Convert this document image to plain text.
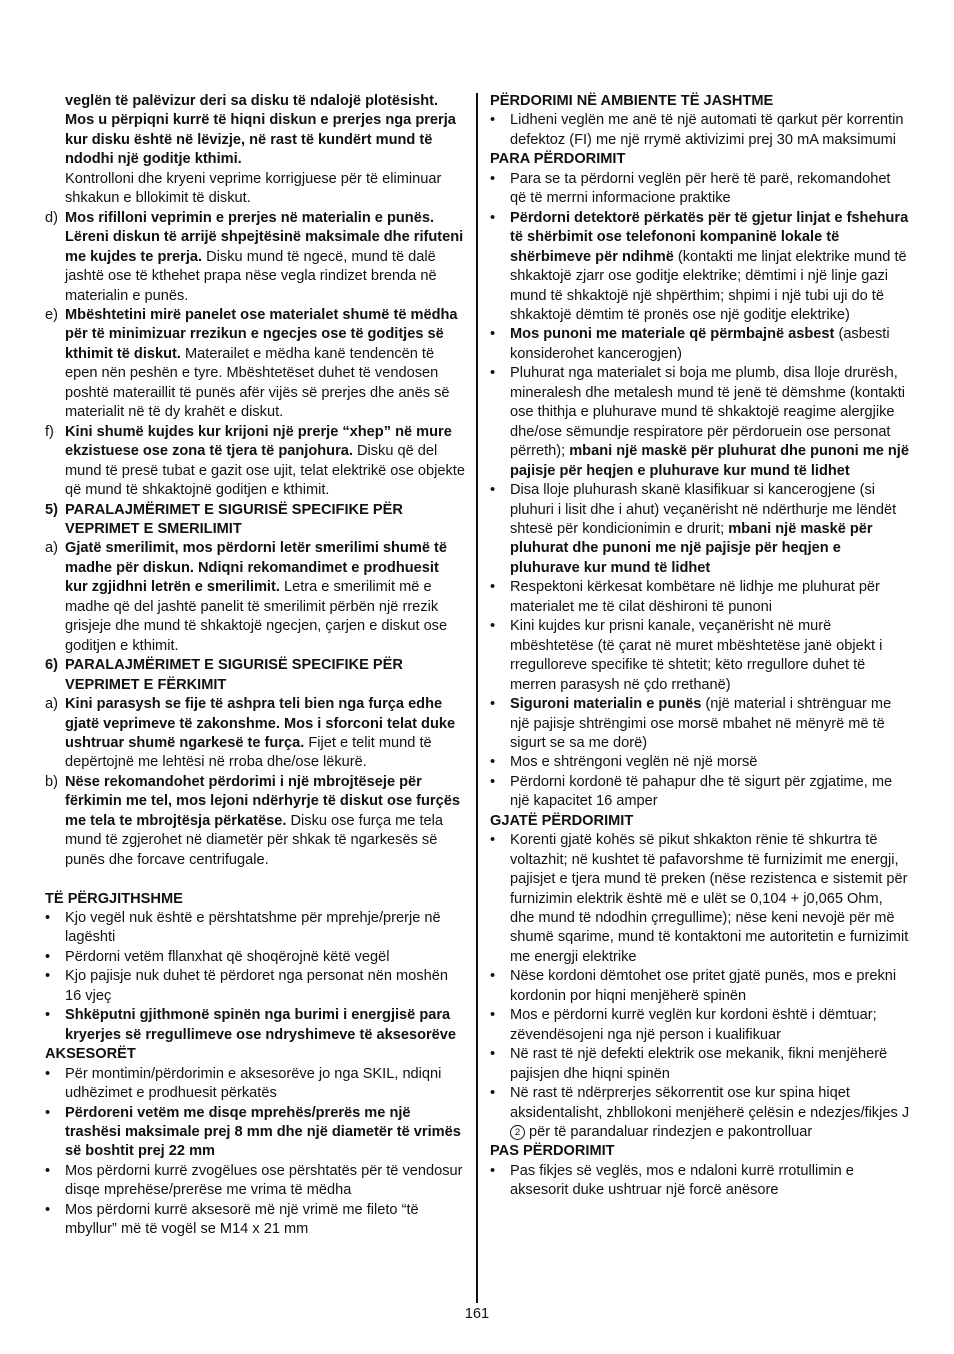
veglën të palëvizur deri sa disku të ndalojë plotësisht. Mos u përpiqni kurrë të hiqni diskun e prerjes nga prerja kur disku është në lëvizje, në rast të kundërt mund të ndodhi një goditje kthimi.
Kontrolloni dhe kryeni veprime korrigjuese për të eliminuar shkakun e bllokimit të diskut.
d) Mos rifilloni veprimin e prerjes në materialin e punës. Lëreni diskun të arrijë shpejtësinë maksimale dhe rifuteni me kujdes te prerja. Disku mund të ngecë, mund të dalë jashtë ose të kthehet prapa nëse vegla rindizet brenda në materialin e punës.
e) Mbështetini mirë panelet ose materialet shumë të mëdha për të minimizuar rrezikun e ngecjes ose të goditjes së kthimit të diskut. Materailet e mëdha kanë tendencën të epen nën peshën e tyre. Mbështetëset duhet të vendosen poshtë materaillit të punës afër vijës së prerjes dhe anës së materialit në të dy krahët e diskut.
f) Kini shumë kujdes kur krijoni një prerje “xhep” në mure ekzistuese ose zona të tjera të panjohura. Disku që del mund të presë tubat e gazit ose ujit, telat elektrikë ose objekte që mund të shkaktojnë goditjen e kthimit.
5) PARALAJMËRIMET E SIGURISË SPECIFIKE PËR VEPRIMET E SMERILIMIT
a) Gjatë smerilimit, mos përdorni letër smerilimi shumë të madhe për diskun. Ndiqni rekomandimet e prodhuesit kur zgjidhni letrën e smerilimit. Letra e smerilimit më e madhe që del jashtë panelit të smerilimit përbën një rrezik grisjeje dhe mund të shkaktojë ngecjen, çarjen e diskut ose goditjen e kthimit.
6) PARALAJMËRIMET E SIGURISË SPECIFIKE PËR VEPRIMET E FËRKIMIT
a) Kini parasysh se fije të ashpra teli bien nga furça edhe gjatë veprimeve të zakonshme. Mos i sforconi telat duke ushtruar shumë ngarkesë te furça. Fijet e telit mund të depërtojnë me lehtësi në rroba dhe/ose lëkurë.
b) Nëse rekomandohet përdorimi i një mbrojtëseje për fërkimin me tel, mos lejoni ndërhyrje të diskut ose furçës me tela te mbrojtësja përkatëse. Disku ose furça me tela mund të zgjerohet në diametër për shkak të ngarkesës së punës dhe forcave centrifugale.
TË PËRGJITHSHME
• Kjo vegël nuk është e përshtatshme për mprehje/prerje në lagështi
• Përdorni vetëm fllanxhat që shoqërojnë këtë vegël
• Kjo pajisje nuk duhet të përdoret nga personat nën moshën 16 vjeç
• Shkëputni gjithmonë spinën nga burimi i energjisë para kryerjes së rregullimeve ose ndryshimeve të aksesorëve
AKSESORËT
• Për montimin/përdorimin e aksesorëve jo nga SKIL, ndiqni udhëzimet e prodhuesit përkatës
• Përdoreni vetëm me disqe mprehës/prerës me një trashësi maksimale prej 8 mm dhe një diametër të vrimës së boshtit prej 22 mm
• Mos përdorni kurrë zvogëlues ose përshtatës për të vendosur disqe mprehëse/prerëse me vrima të mëdha
• Mos përdorni kurrë aksesorë më një vrimë me fileto “të mbyllur” më të vogël se M14 x 21 mm
PËRDORIMI NË AMBIENTE TË JASHTME
• Lidheni veglën me anë të një automati të qarkut për korrentin defektoz (FI) me një rrymë aktivizimi prej 30 mA maksimumi
PARA PËRDORIMIT
• Para se ta përdorni veglën për herë të parë, rekomandohet që të merrni informacione praktike
• Përdorni detektorë përkatës për të gjetur linjat e fshehura të shërbimit ose telefononi kompaninë lokale të shërbimeve për ndihmë (kontakti me linjat elektrike mund të shkaktojë zjarr ose goditje elektrike; dëmtimi i një linje gazi mund të shkaktojë një shpërthim; shpimi i një tubi uji do të shkaktojë dëmtim të pronës ose një goditje elektrike)
• Mos punoni me materiale që përmbajnë asbest (asbesti konsiderohet kancerogjen)
• Pluhurat nga materialet si boja me plumb, disa lloje drurësh, mineralesh dhe metalesh mund të jenë të dëmshme (kontakti ose thithja e pluhurave mund të shkaktojë reagime alergjike dhe/ose sëmundje respiratore për përdoruein ose personat përreth); mbani një maskë për pluhurat dhe punoni me një pajisje për heqjen e pluhurave kur mund të lidhet
• Disa lloje pluhurash skanë klasifikuar si kancerogjene (si pluhuri i lisit dhe i ahut) veçanërisht në ndërthurje me lëndët shtesë për kondicionimin e drurit; mbani një maskë për pluhurat dhe punoni me një pajisje për heqjen e pluhurave kur mund të lidhet
• Respektoni kërkesat kombëtare në lidhje me pluhurat për materialet me të cilat dëshironi të punoni
• Kini kujdes kur prisni kanale, veçanërisht në murë mbështetëse (të çarat në muret mbështetëse janë objekt i rregulloreve specifike të shtetit; këto rregullore duhet të merren parasysh në çdo rrethanë)
• Siguroni materialin e punës (një material i shtrënguar me një pajisje shtrëngimi ose morsë mbahet në mënyrë më të sigurt se sa me dorë)
• Mos e shtrëngoni veglën në një morsë
• Përdorni kordonë të pahapur dhe të sigurt për zgjatime, me një kapacitet 16 amper
GJATË PËRDORIMIT
• Korenti gjatë kohës së pikut shkakton rënie të shkurtra të voltazhit; në kushtet të pafavorshme të furnizimit me energji, pajisjet e tjera mund të preken (nëse rezistenca e sistemit për furnizimin elektrik është më e ulët se 0,104 + j0,065 Ohm, dhe mund të ndodhin çrregullime); nëse keni nevojë për më shumë sqarime, mund të kontaktoni me autoritetin e furnizimit me energji elektrike
• Nëse kordoni dëmtohet ose pritet gjatë punës, mos e prekni kordonin por hiqni menjëherë spinën
• Mos e përdorni kurrë veglën kur kordoni është i dëmtuar; zëvendësojeni nga një person i kualifikuar
• Në rast të një defekti elektrik ose mekanik, fikni menjëherë pajisjen dhe hiqni spinën
• Në rast të ndërprerjes sëkorrentit ose kur spina hiqet aksidentalisht, zhbllokoni menjëherë çelësin e ndezjes/fikjes J 2 për të parandaluar rindezjen e pakontrolluar
PAS PËRDORIMIT
• Pas fikjes së veglës, mos e ndaloni kurrë rrotullimin e aksesorit duke ushtruar një forcë anësore
161
